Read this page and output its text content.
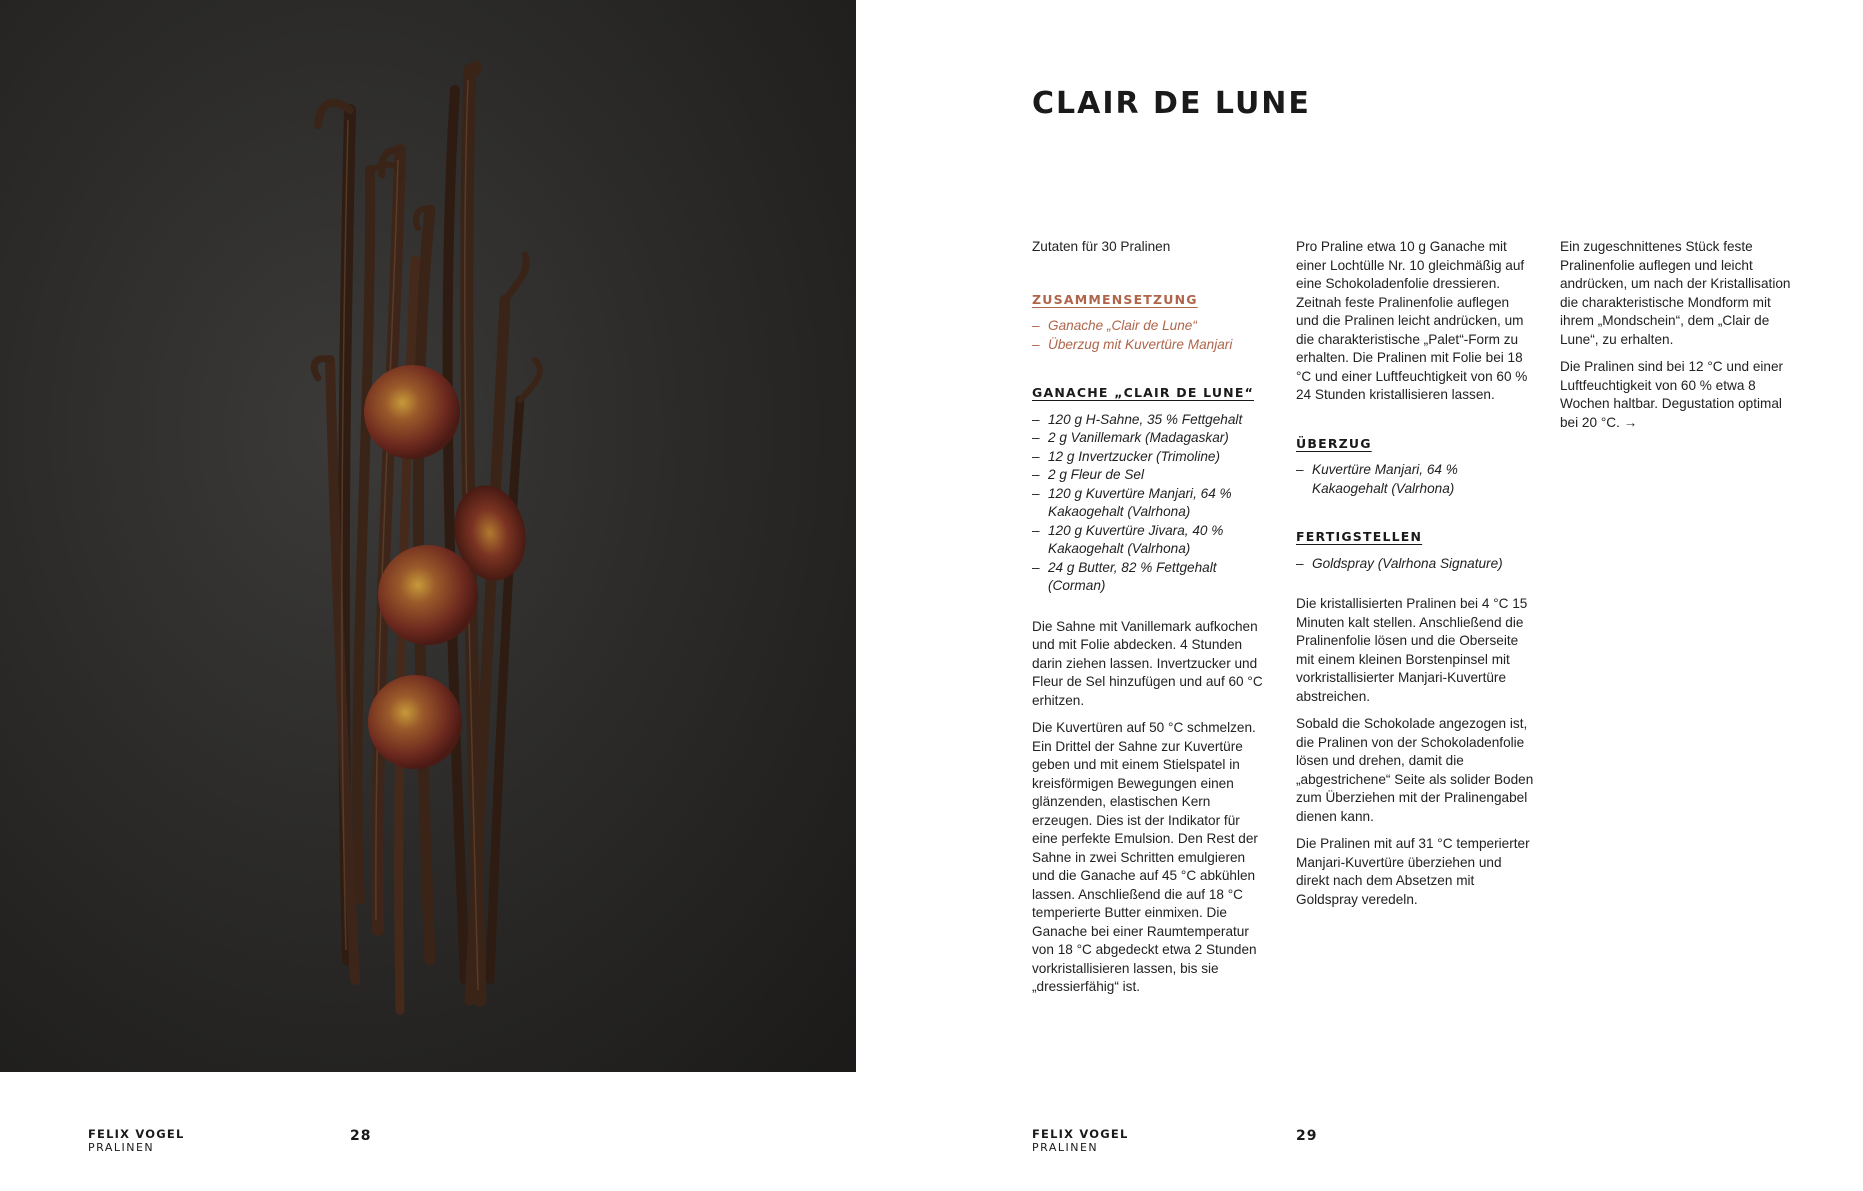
CLAIR DE LUNE

Zutaten für 30 Pralinen

ZUSAMMENSETZUNG
– Ganache „Clair de Lune“
– Überzug mit Kuvertüre Manjari
GANACHE „CLAIR DE LUNE“
– 120 g H-Sahne, 35 % Fettgehalt
– 2 g Vanillemark (Madagaskar)
– 12 g Invertzucker (Trimoline)
– 2 g Fleur de Sel
– 120 g Kuvertüre Manjari, 64 % Kakaogehalt (Valrhona)
– 120 g Kuvertüre Jivara, 40 % Kakaogehalt (Valrhona)
– 24 g Butter, 82 % Fettgehalt (Corman)

Die Sahne mit Vanillemark aufkochen und mit Folie abdecken. 4 Stunden darin ziehen lassen. Invertzucker und Fleur de Sel hinzufügen und auf 60 °C erhitzen.

Die Kuvertüren auf 50 °C schmelzen. Ein Drittel der Sahne zur Kuvertüre geben und mit einem Stielspatel in kreisförmigen Bewegungen einen glänzenden, elastischen Kern erzeugen. Dies ist der Indikator für eine perfekte Emulsion. Den Rest der Sahne in zwei Schritten emulgieren und die Ganache auf 45 °C abkühlen lassen. Anschließend die auf 18 °C temperierte Butter einmixen. Die Ganache bei einer Raumtemperatur von 18 °C abgedeckt etwa 2 Stunden vorkristallisieren lassen, bis sie „dressierfähig“ ist.

Pro Praline etwa 10 g Ganache mit einer Lochtülle Nr. 10 gleichmäßig auf eine Schokoladenfolie dressieren. Zeitnah feste Pralinenfolie auflegen und die Pralinen leicht andrücken, um die charakteristische „Palet“-Form zu erhalten. Die Pralinen mit Folie bei 18 °C und einer Luftfeuchtigkeit von 60 % 24 Stunden kristallisieren lassen.

ÜBERZUG
– Kuvertüre Manjari, 64 % Kakaogehalt (Valrhona)
FERTIGSTELLEN
– Goldspray (Valrhona Signature)

Die kristallisierten Pralinen bei 4 °C 15 Minuten kalt stellen. Anschließend die Pralinenfolie lösen und die Oberseite mit einem kleinen Borstenpinsel mit vorkristallisierter Manjari-Kuvertüre abstreichen.

Sobald die Schokolade angezogen ist, die Pralinen von der Schokoladenfolie lösen und drehen, damit die „abgestrichene“ Seite als solider Boden zum Überziehen mit der Pralinengabel dienen kann.

Die Pralinen mit auf 31 °C temperierter Manjari-Kuvertüre überziehen und direkt nach dem Absetzen mit Goldspray veredeln.

Ein zugeschnittenes Stück feste Pralinenfolie auflegen und leicht andrücken, um nach der Kristallisation die charakteristische Mondform mit ihrem „Mondschein“, dem „Clair de Lune“, zu erhalten.

Die Pralinen sind bei 12 °C und einer Luftfeuchtigkeit von 60 % etwa 8 Wochen haltbar. Degustation optimal bei 20 °C. →

FELIX VOGEL
PRALINEN
28	FELIX VOGEL
PRALINEN
29
